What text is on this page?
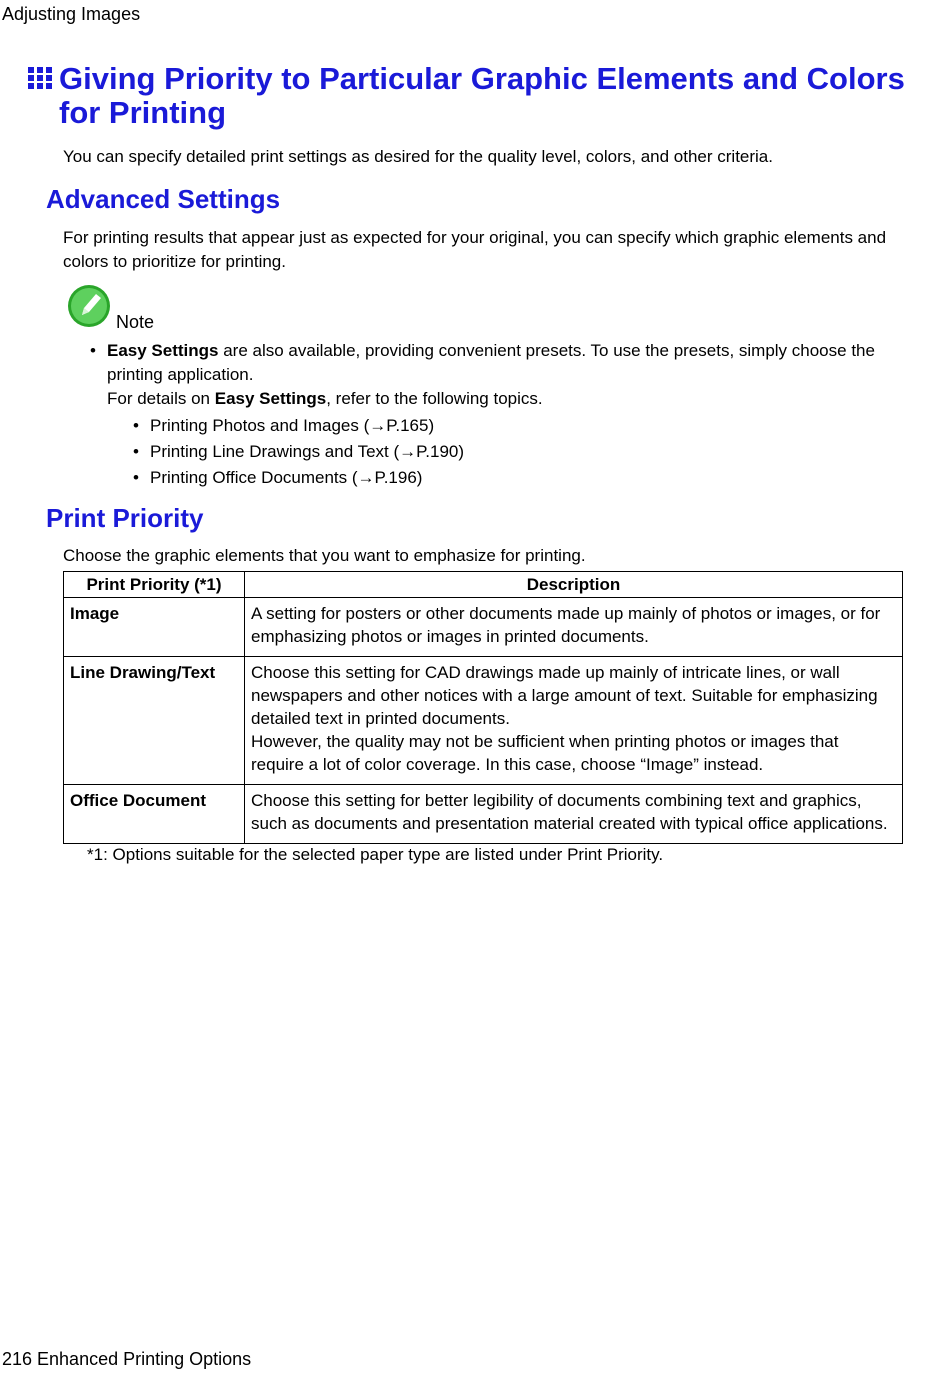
Adjusting Images
Giving Priority to Particular Graphic Elements and Colors for Printing
You can specify detailed print settings as desired for the quality level, colors, and other criteria.
Advanced Settings
For printing results that appear just as expected for your original, you can specify which graphic elements and colors to prioritize for printing.
Note
• Easy Settings are also available, providing convenient presets. To use the presets, simply choose the printing application.
For details on Easy Settings, refer to the following topics.
• Printing Photos and Images (→P.165)
• Printing Line Drawings and Text (→P.190)
• Printing Office Documents (→P.196)
Print Priority
Choose the graphic elements that you want to emphasize for printing.
Print Priority (*1)	Description
Image	A setting for posters or other documents made up mainly of photos or images, or for emphasizing photos or images in printed documents.

Line Drawing/Text	Choose this setting for CAD drawings made up mainly of intricate lines, or wall newspapers and other notices with a large amount of text. Suitable for emphasizing detailed text in printed documents.
However, the quality may not be sufficient when printing photos or images that require a lot of color coverage. In this case, choose “Image” instead.

Office Document	Choose this setting for better legibility of documents combining text and graphics, such as documents and presentation material created with typical office applications.
*1: Options suitable for the selected paper type are listed under Print Priority.
216 Enhanced Printing Options
